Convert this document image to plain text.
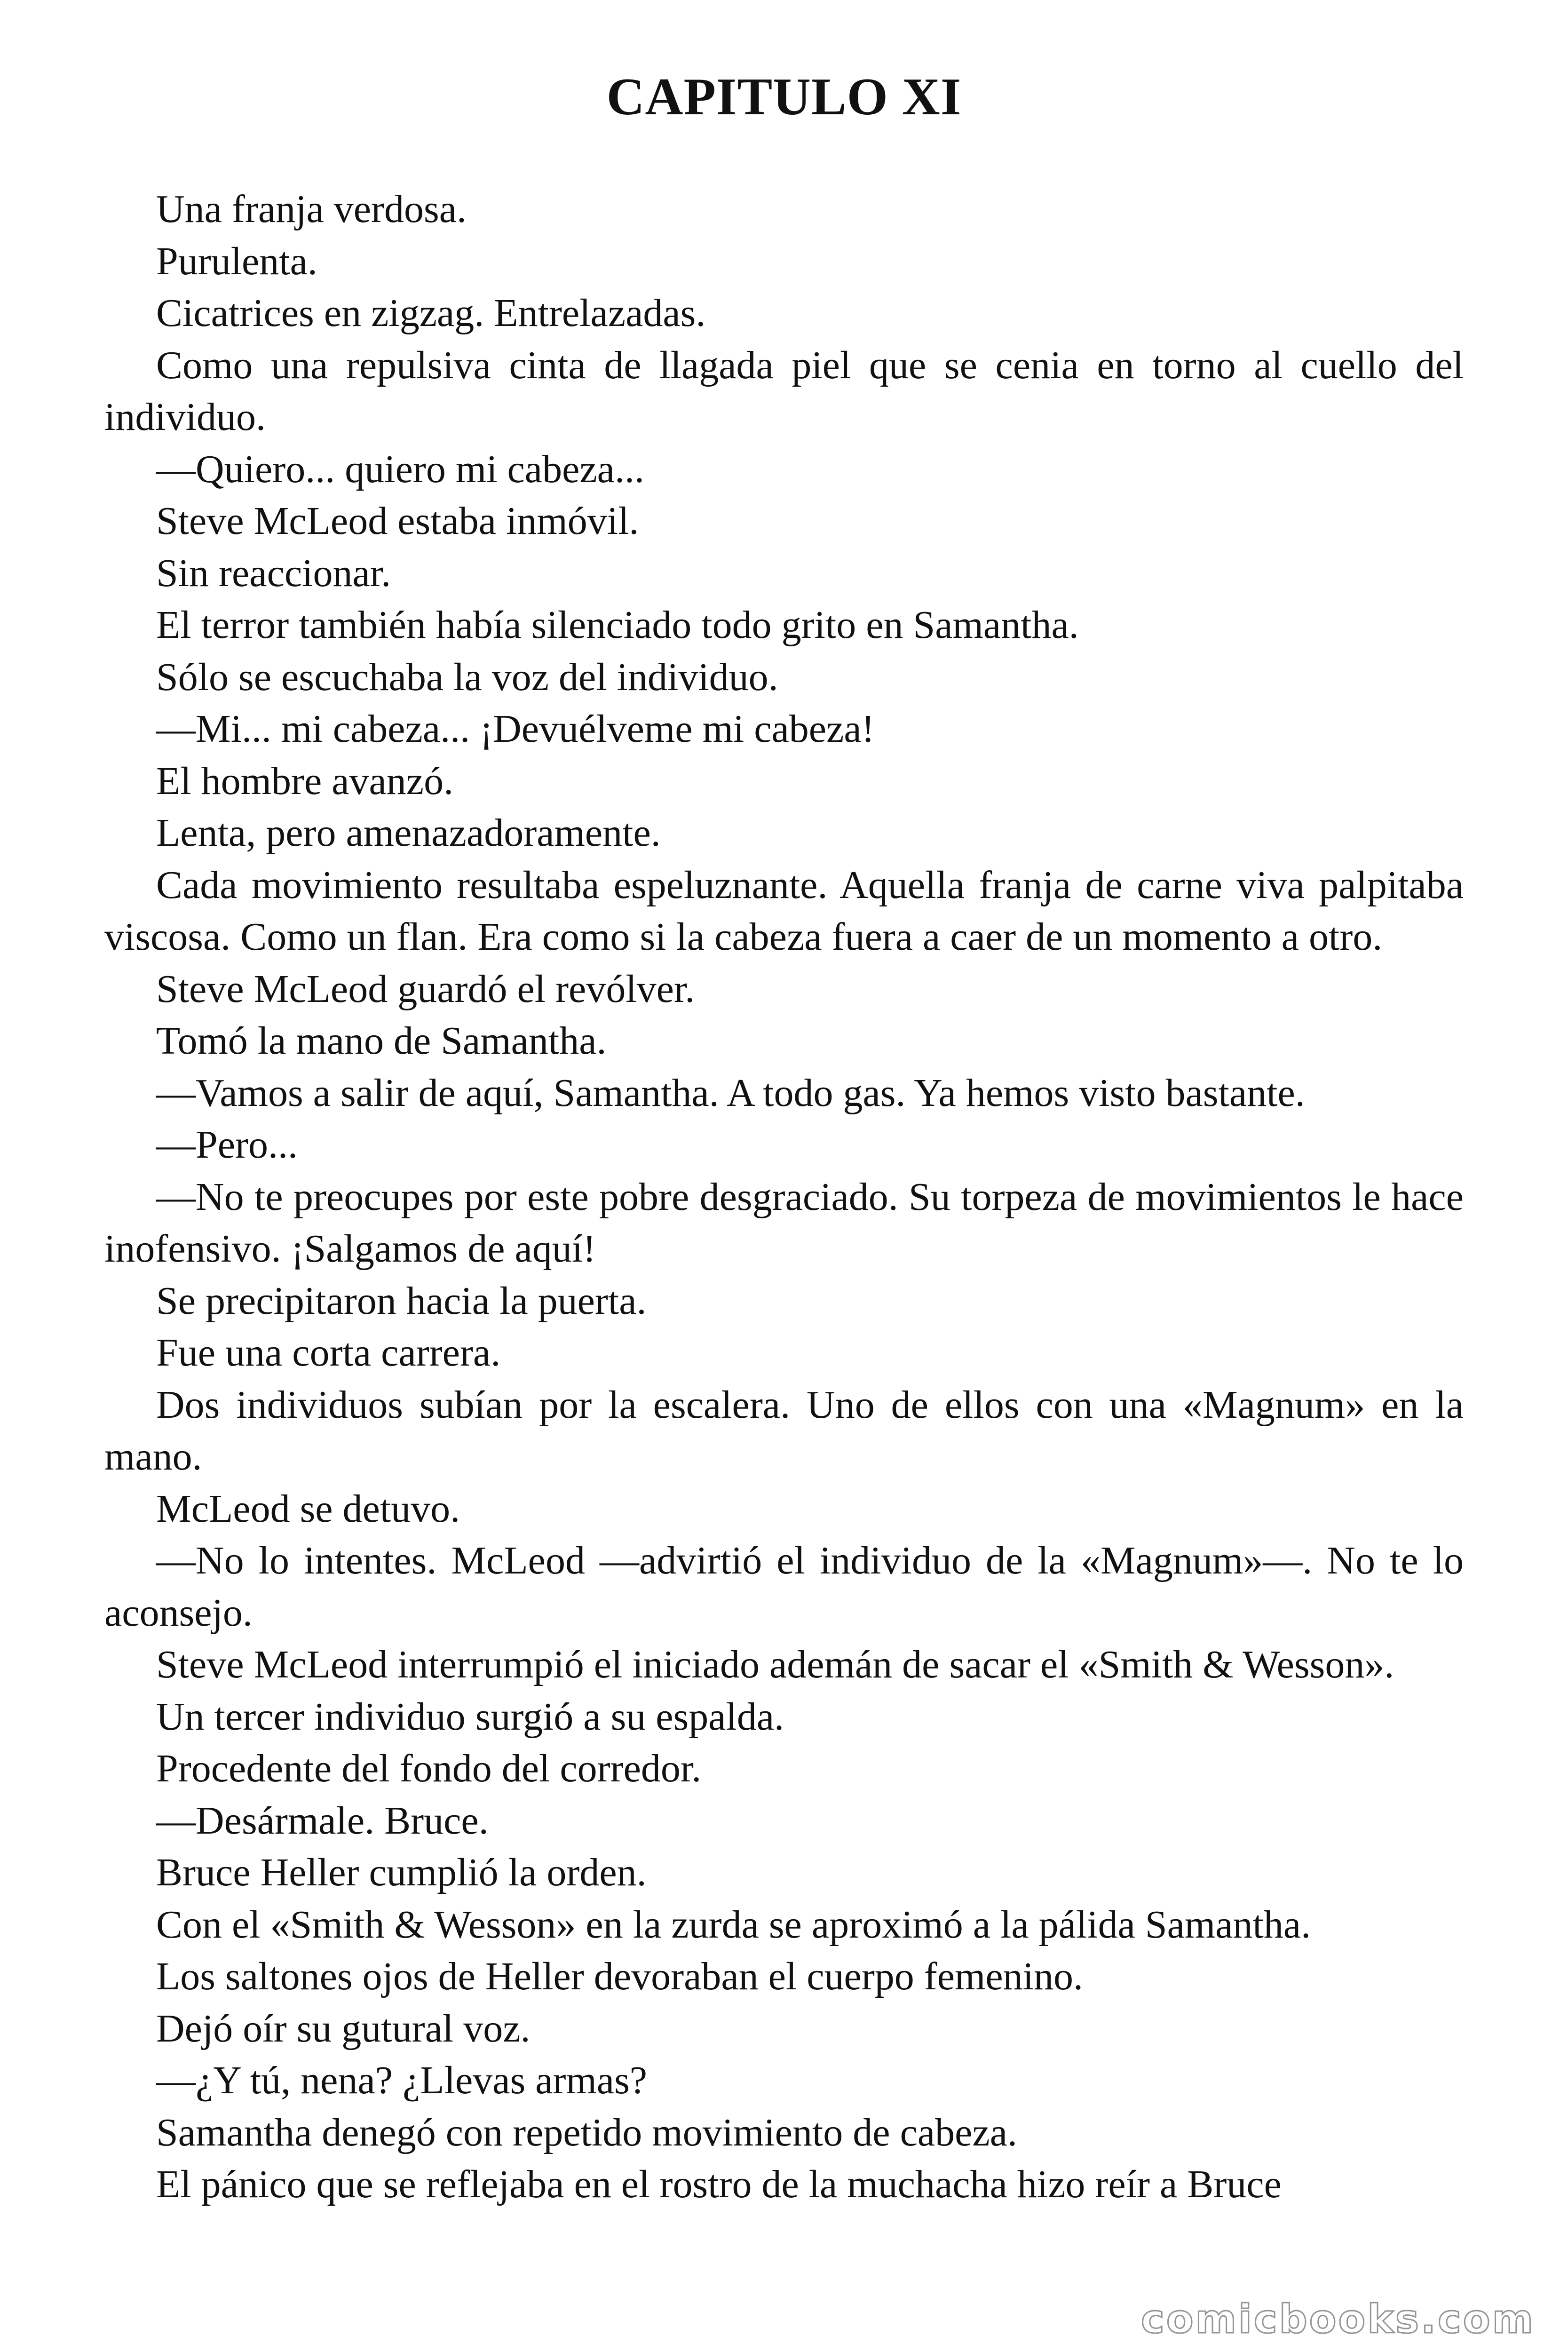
CAPITULO XI

Una franja verdosa.

Purulenta.

Cicatrices en zigzag. Entrelazadas.

Como una repulsiva cinta de llagada piel que se cenia en torno al cuello del individuo.

—Quiero... quiero mi cabeza...

Steve McLeod estaba inmóvil.

Sin reaccionar.

El terror también había silenciado todo grito en Samantha.

Sólo se escuchaba la voz del individuo.

—Mi... mi cabeza... ¡Devuélveme mi cabeza!

El hombre avanzó.

Lenta, pero amenazadoramente.

Cada movimiento resultaba espeluznante. Aquella franja de carne viva palpitaba viscosa. Como un flan. Era como si la cabeza fuera a caer de un momento a otro.

Steve McLeod guardó el revólver.

Tomó la mano de Samantha.

—Vamos a salir de aquí, Samantha. A todo gas. Ya hemos visto bastante.

—Pero...

—No te preocupes por este pobre desgraciado. Su torpeza de movimientos le hace inofensivo. ¡Salgamos de aquí!

Se precipitaron hacia la puerta.

Fue una corta carrera.

Dos individuos subían por la escalera. Uno de ellos con una «Magnum» en la mano.

McLeod se detuvo.

—No lo intentes. McLeod —advirtió el individuo de la «Magnum»—. No te lo aconsejo.

Steve McLeod interrumpió el iniciado ademán de sacar el «Smith & Wesson».

Un tercer individuo surgió a su espalda.

Procedente del fondo del corredor.

—Desármale. Bruce.

Bruce Heller cumplió la orden.

Con el «Smith & Wesson» en la zurda se aproximó a la pálida Samantha.

Los saltones ojos de Heller devoraban el cuerpo femenino.

Dejó oír su gutural voz.

—¿Y tú, nena? ¿Llevas armas?

Samantha denegó con repetido movimiento de cabeza.

El pánico que se reflejaba en el rostro de la muchacha hizo reír a Bruce

comicbooks.com
